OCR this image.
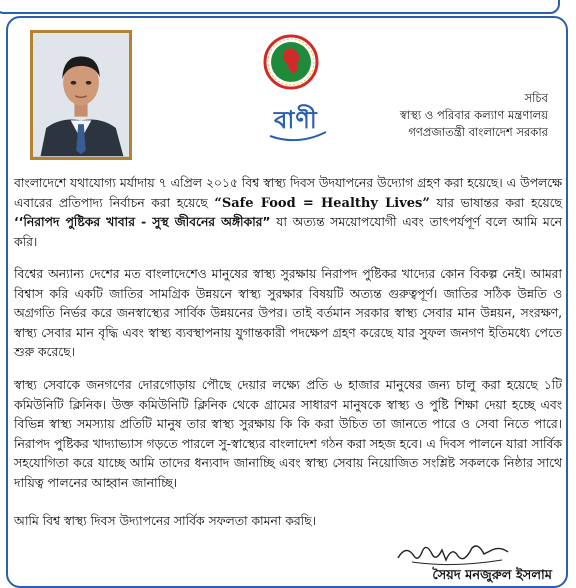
সচিব
স্বাস্থ্য ও পরিবার কল্যাণ মন্ত্রণালয়
গণপ্রজাতন্ত্রী বাংলাদেশ সরকার
বাণী
বাংলাদেশে যথাযোগ্য মর্যাদায় ৭ এপ্রিল ২০১৫ বিশ্ব স্বাস্থ্য দিবস উদযাপনের উদ্যোগ গ্রহণ করা হয়েছে। এ উপলক্ষে এবারের প্রতিপাদ্য নির্বাচন করা হয়েছে “Safe Food = Healthy Lives” যার ভাষান্তর করা হয়েছে ‘‘নিরাপদ পুষ্টিকর খাবার - সুস্থ জীবনের অঙ্গীকার” যা অত্যন্ত সময়োপযোগী এবং তাৎপর্যপূর্ণ বলে আমি মনে করি।
বিশ্বের অন্যান্য দেশের মত বাংলাদেশেও মানুষের স্বাস্থ্য সুরক্ষায় নিরাপদ পুষ্টিকর খাদ্যের কোন বিকল্প নেই। আমরা বিশ্বাস করি একটি জাতির সামগ্রিক উন্নয়নে স্বাস্থ্য সুরক্ষার বিষয়টি অত্যন্ত গুরুত্বপূর্ণ। জাতির সঠিক উন্নতি ও অগ্রগতি নির্ভর করে জনস্বাস্থ্যের সার্বিক উন্নয়নের উপর। তাই বর্তমান সরকার স্বাস্থ্য সেবার মান উন্নয়ন, সংরক্ষণ, স্বাস্থ্য সেবার মান বৃদ্ধি এবং স্বাস্থ্য ব্যবস্থাপনায় যুগান্তকারী পদক্ষেপ গ্রহণ করেছে যার সুফল জনগণ ইতিমধ্যে পেতে শুরু করেছে।
স্বাস্থ্য সেবাকে জনগণের দোরগোড়ায় পৌছে দেয়ার লক্ষ্যে প্রতি ৬ হাজার মানুষের জন্য চালু করা হয়েছে ১টি কমিউনিটি ক্লিনিক। উক্ত কমিউনিটি ক্লিনিক থেকে গ্রামের সাধারণ মানুষকে স্বাস্থ্য ও পুষ্টি শিক্ষা দেয়া হচ্ছে এবং বিভিন্ন স্বাস্থ্য সমস্যায় প্রতিটি মানুষ তার স্বাস্থ্য সুরক্ষায় কি কি করা উচিত তা জানতে পারে ও সেবা নিতে পারে। নিরাপদ পুষ্টিকর খাদ্যাভ্যাস গড়তে পারলে সু-স্বাস্থ্যের বাংলাদেশ গঠন করা সহজ হবে। এ দিবস পালনে যারা সার্বিক সহযোগিতা করে যাচ্ছে আমি তাদের ধন্যবাদ জানাচ্ছি এবং স্বাস্থ্য সেবায় নিয়োজিত সংশ্লিষ্ট সকলকে নিষ্ঠার সাথে দায়িত্ব পালনের আহ্বান জানাচ্ছি।
আমি বিশ্ব স্বাস্থ্য দিবস উদ্যাপনের সার্বিক সফলতা কামনা করছি।
সৈয়দ মনজুরুল ইসলাম
